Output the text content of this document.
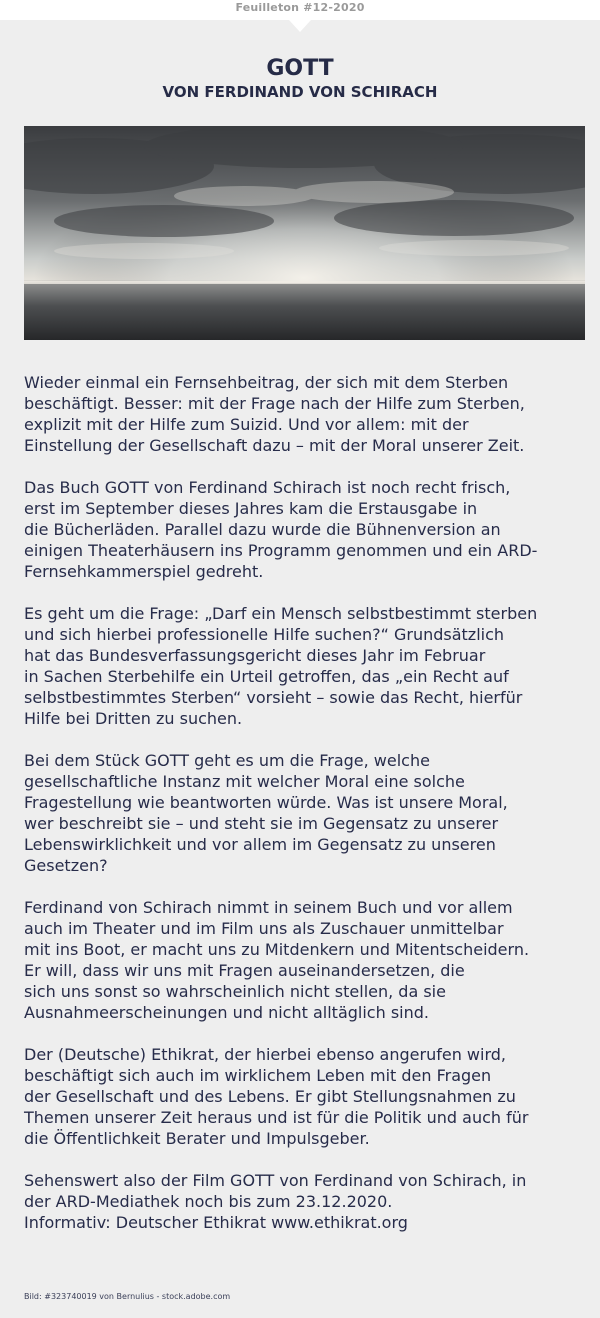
Feuilleton #12-2020
GOTT
VON FERDINAND VON SCHIRACH

Wieder einmal ein Fernsehbeitrag, der sich mit dem Sterben
beschäftigt. Besser: mit der Frage nach der Hilfe zum Sterben,
explizit mit der Hilfe zum Suizid. Und vor allem: mit der
Einstellung der Gesellschaft dazu – mit der Moral unserer Zeit.

Das Buch GOTT von Ferdinand Schirach ist noch recht frisch,
erst im September dieses Jahres kam die Erstausgabe in
die Bücherläden. Parallel dazu wurde die Bühnenversion an
einigen Theaterhäusern ins Programm genommen und ein ARD-
Fernsehkammerspiel gedreht.

Es geht um die Frage: „Darf ein Mensch selbstbestimmt sterben
und sich hierbei professionelle Hilfe suchen?“ Grundsätzlich
hat das Bundesverfassungsgericht dieses Jahr im Februar
in Sachen Sterbehilfe ein Urteil getroffen, das „ein Recht auf
selbstbestimmtes Sterben“ vorsieht – sowie das Recht, hierfür
Hilfe bei Dritten zu suchen.

Bei dem Stück GOTT geht es um die Frage, welche
gesellschaftliche Instanz mit welcher Moral eine solche
Fragestellung wie beantworten würde. Was ist unsere Moral,
wer beschreibt sie – und steht sie im Gegensatz zu unserer
Lebenswirklichkeit und vor allem im Gegensatz zu unseren
Gesetzen?

Ferdinand von Schirach nimmt in seinem Buch und vor allem
auch im Theater und im Film uns als Zuschauer unmittelbar
mit ins Boot, er macht uns zu Mitdenkern und Mitentscheidern.
Er will, dass wir uns mit Fragen auseinandersetzen, die
sich uns sonst so wahrscheinlich nicht stellen, da sie
Ausnahmeerscheinungen und nicht alltäglich sind.

Der (Deutsche) Ethikrat, der hierbei ebenso angerufen wird,
beschäftigt sich auch im wirklichem Leben mit den Fragen
der Gesellschaft und des Lebens. Er gibt Stellungsnahmen zu
Themen unserer Zeit heraus und ist für die Politik und auch für
die Öffentlichkeit Berater und Impulsgeber.

Sehenswert also der Film GOTT von Ferdinand von Schirach, in
der ARD-Mediathek noch bis zum 23.12.2020.
Informativ: Deutscher Ethikrat www.ethikrat.org

Bild: #323740019 von Bernulius - stock.adobe.com
